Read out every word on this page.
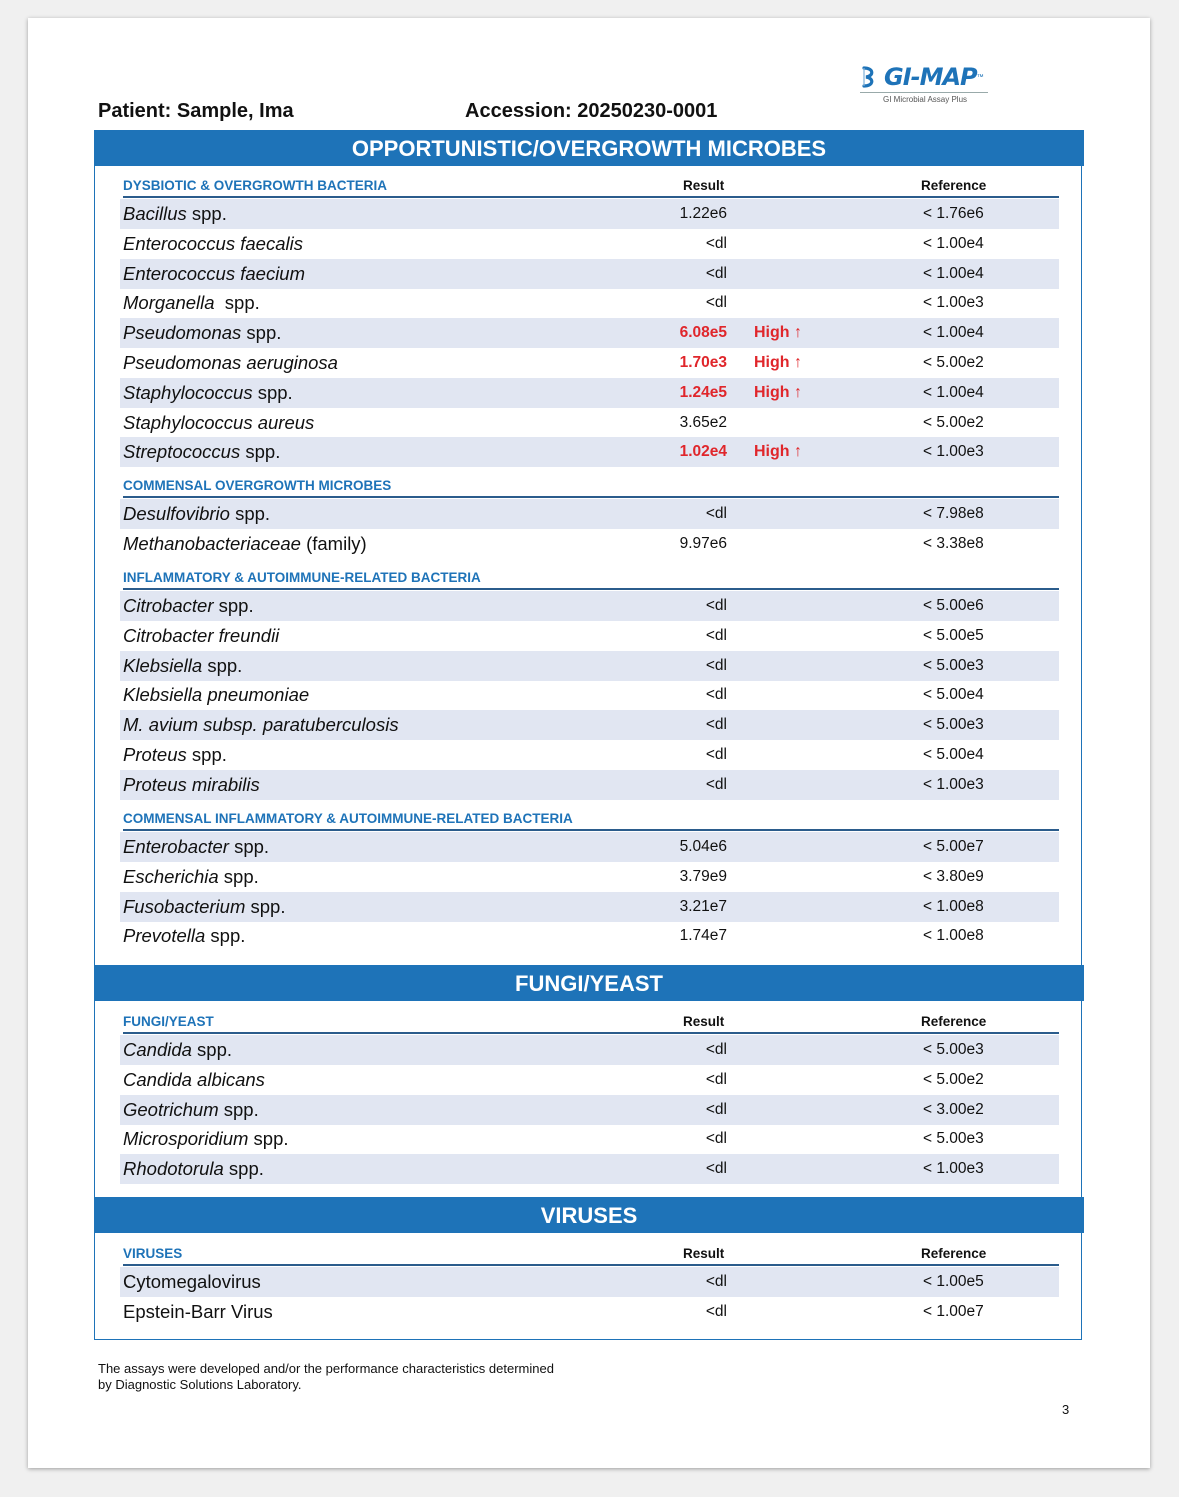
GI-MAP ™
GI Microbial Assay Plus
Patient: Sample, Ima	Accession: 20250230-0001
OPPORTUNISTIC/OVERGROWTH MICROBES
FUNGI/YEAST
VIRUSES
DYSBIOTIC & OVERGROWTH BACTERIA	Result	Reference
Bacillus spp.	1.22e6	< 1.76e6
Enterococcus faecalis	<dl	< 1.00e4
Enterococcus faecium	<dl	< 1.00e4
Morganella  spp.	<dl	< 1.00e3
Pseudomonas spp.	6.08e5 High ↑	< 1.00e4
Pseudomonas aeruginosa	1.70e3 High ↑	< 5.00e2
Staphylococcus spp.	1.24e5 High ↑	< 1.00e4
Staphylococcus aureus	3.65e2	< 5.00e2
Streptococcus spp.	1.02e4 High ↑	< 1.00e3
COMMENSAL OVERGROWTH MICROBES
Desulfovibrio spp.	<dl	< 7.98e8
Methanobacteriaceae (family)	9.97e6	< 3.38e8
INFLAMMATORY & AUTOIMMUNE-RELATED BACTERIA
Citrobacter spp.	<dl	< 5.00e6
Citrobacter freundii	<dl	< 5.00e5
Klebsiella spp.	<dl	< 5.00e3
Klebsiella pneumoniae	<dl	< 5.00e4
M. avium subsp. paratuberculosis	<dl	< 5.00e3
Proteus spp.	<dl	< 5.00e4
Proteus mirabilis	<dl	< 1.00e3
COMMENSAL INFLAMMATORY & AUTOIMMUNE-RELATED BACTERIA
Enterobacter spp.	5.04e6	< 5.00e7
Escherichia spp.	3.79e9	< 3.80e9
Fusobacterium spp.	3.21e7	< 1.00e8
Prevotella spp.	1.74e7	< 1.00e8
FUNGI/YEAST	Result	Reference
Candida spp.	<dl	< 5.00e3
Candida albicans	<dl	< 5.00e2
Geotrichum spp.	<dl	< 3.00e2
Microsporidium spp.	<dl	< 5.00e3
Rhodotorula spp.	<dl	< 1.00e3
VIRUSES	Result	Reference
Cytomegalovirus	<dl	< 1.00e5
Epstein-Barr Virus	<dl	< 1.00e7
The assays were developed and/or the performance characteristics determined by Diagnostic Solutions Laboratory.
3
